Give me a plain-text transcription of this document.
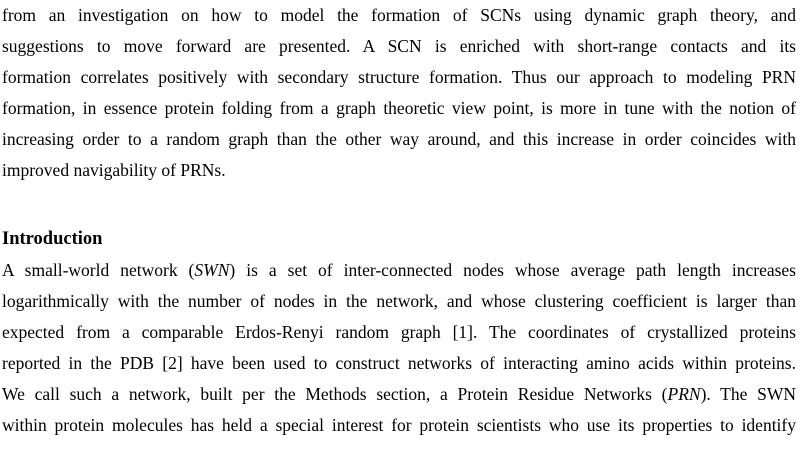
from an investigation on how to model the formation of SCNs using dynamic graph theory, and
suggestions to move forward are presented. A SCN is enriched with short-range contacts and its
formation correlates positively with secondary structure formation. Thus our approach to modeling PRN
formation, in essence protein folding from a graph theoretic view point, is more in tune with the notion of
increasing order to a random graph than the other way around, and this increase in order coincides with
improved navigability of PRNs.
Introduction
A small-world network (SWN) is a set of inter-connected nodes whose average path length increases
logarithmically with the number of nodes in the network, and whose clustering coefficient is larger than
expected from a comparable Erdos-Renyi random graph [1]. The coordinates of crystallized proteins
reported in the PDB [2] have been used to construct networks of interacting amino acids within proteins.
We call such a network, built per the Methods section, a Protein Residue Networks (PRN). The SWN
within protein molecules has held a special interest for protein scientists who use its properties to identify
